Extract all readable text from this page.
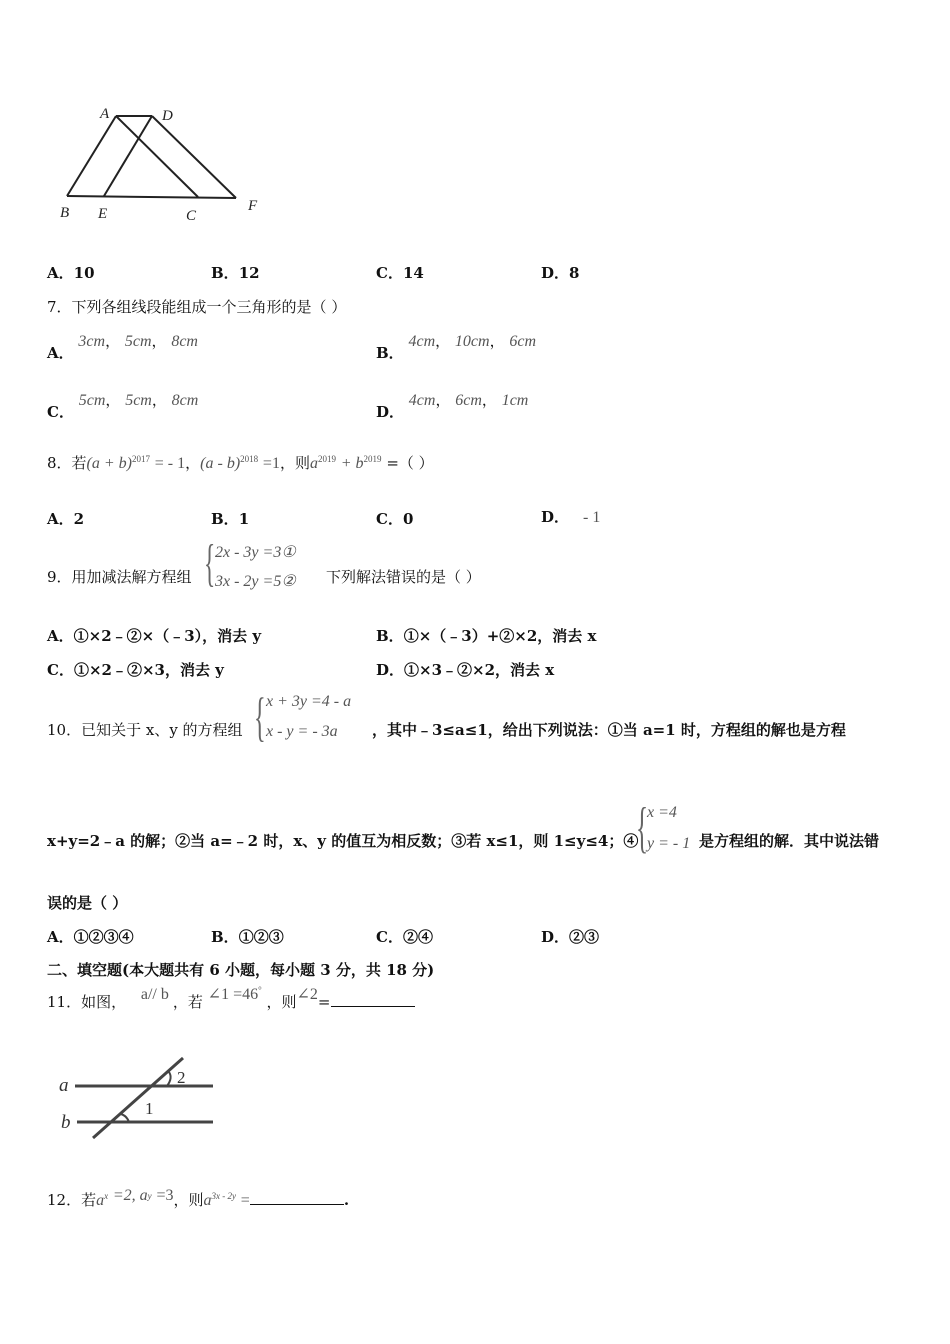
A	D
B E	C
F
A．10	B．12	C．14	D．8
7．下列各组线段能组成一个三角形的是（ ）
A． 3cm， 5cm， 8cm
B． 4cm， 10cm， 6cm
C． 5cm， 5cm， 8cm
D． 4cm， 6cm， 1cm
8．若$(a + b)^{2017}$ = - 1，(a - b)$^{2018}$ =1，则$a^{2019} + b^{2019}$ =（ ）
A．2	B．1	C．0	D． - 1
9．用加减法解方程组 { 2x - 3y =3①
3x - 2y =5② 下列解法错误的是（ ）
A．①×2﹣②×（﹣3），消去 y	B．①×（﹣3）+②×2，消去 x
C．①×2﹣②×3，消去 y	D．①×3﹣②×2，消去 x
10．已知关于 x、y 的方程组 { x + 3y =4 - a
x - y = - 3a ，其中﹣3≤a≤1，给出下列说法：①当 a=1 时，方程组的解也是方程
x+y=2﹣a 的解；②当 a=﹣2 时，x、y 的值互为相反数；③若 x≤1，则 1≤y≤4；④
{
x =4
y = - 1 是方程组的解．其中说法错
误的是（ ）
A．①②③④	B．①②③	C．②④	D．②③
二、填空题(本大题共有 6 小题，每小题 3 分，共 18 分)
11．如图， a// b ，若 ∠1 =46° ，则∠2=
a
b
2
1
12．若$a^x =2$, $a^y =3$，则$a^{3x - 2y}$ =	.
